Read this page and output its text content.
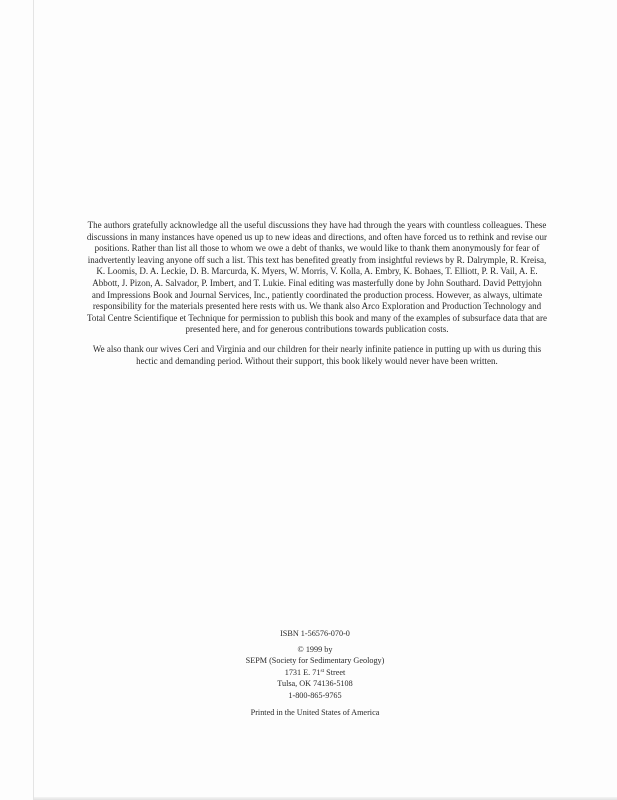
The authors gratefully acknowledge all the useful discussions they have had through the years with countless colleagues. These discussions in many instances have opened us up to new ideas and directions, and often have forced us to rethink and revise our positions. Rather than list all those to whom we owe a debt of thanks, we would like to thank them anonymously for fear of inadvertently leaving anyone off such a list. This text has benefited greatly from insightful reviews by R. Dalrymple, R. Kreisa, K. Loomis, D. A. Leckie, D. B. Marcurda, K. Myers, W. Morris, V. Kolla, A. Embry, K. Bohaes, T. Elliott, P. R. Vail, A. E. Abbott, J. Pizon, A. Salvador, P. Imbert, and T. Lukie. Final editing was masterfully done by John Southard. David Pettyjohn and Impressions Book and Journal Services, Inc., patiently coordinated the production process. However, as always, ultimate responsibility for the materials presented here rests with us. We thank also Arco Exploration and Production Technology and Total Centre Scientifique et Technique for permission to publish this book and many of the examples of subsurface data that are presented here, and for generous contributions towards publication costs.

We also thank our wives Ceri and Virginia and our children for their nearly infinite patience in putting up with us during this hectic and demanding period. Without their support, this book likely would never have been written.

ISBN 1-56576-070-0
© 1999 by
SEPM (Society for Sedimentary Geology)
1731 E. 71st Street
Tulsa, OK 74136-5108
1-800-865-9765
Printed in the United States of America
